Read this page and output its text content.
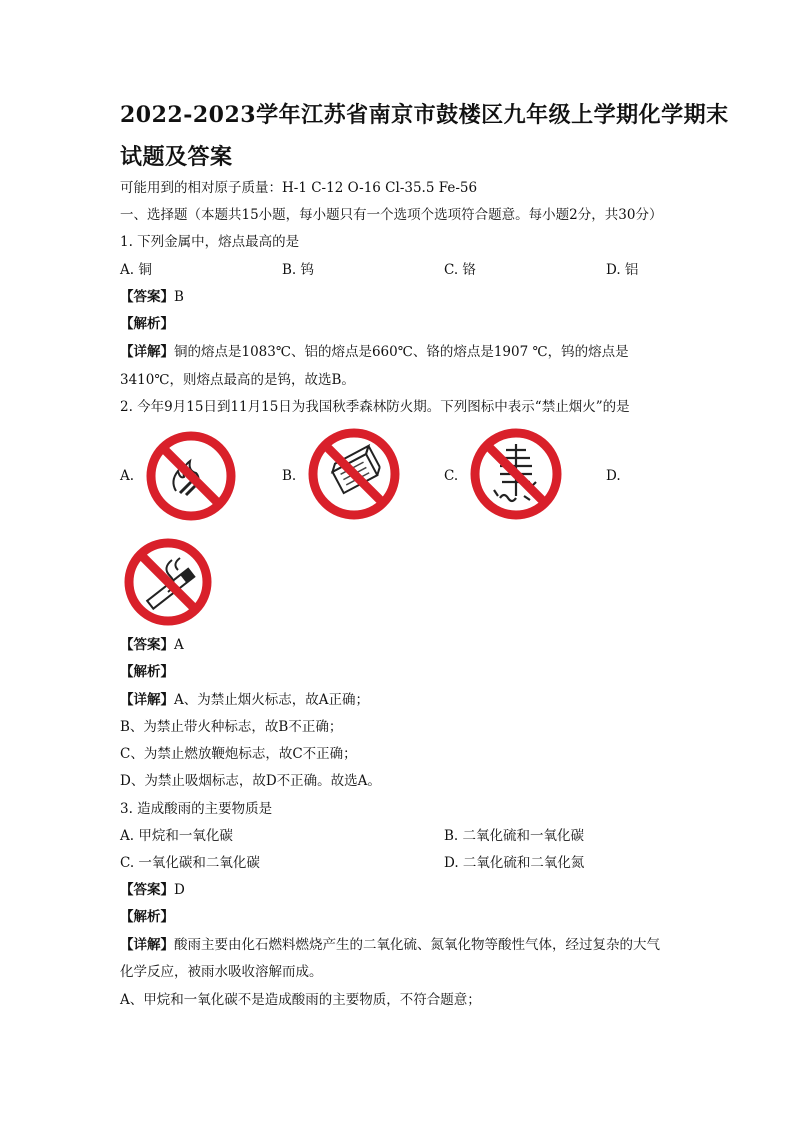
2022-2023学年江苏省南京市鼓楼区九年级上学期化学期末
试题及答案
可能用到的相对原子质量：H-1 C-12 O-16 Cl-35.5 Fe-56
一、选择题（本题共15小题，每小题只有一个选项个选项符合题意。每小题2分，共30分）
1. 下列金属中，熔点最高的是
A. 铜	B. 钨	C. 铬	D. 铝
【答案】B
【解析】
【详解】铜的熔点是1083℃、铝的熔点是660℃、铬的熔点是1907 ℃，钨的熔点是
3410℃，则熔点最高的是钨，故选B。
2. 今年9月15日到11月15日为我国秋季森林防火期。下列图标中表示“禁止烟火”的是
A.	B.	C.	D.
【答案】A
【解析】
【详解】A、为禁止烟火标志，故A正确；
B、为禁止带火种标志，故B不正确；
C、为禁止燃放鞭炮标志，故C不正确；
D、为禁止吸烟标志，故D不正确。故选A。
3. 造成酸雨的主要物质是
A. 甲烷和一氧化碳	B. 二氧化硫和一氧化碳
C. 一氧化碳和二氧化碳	D. 二氧化硫和二氧化氮
【答案】D
【解析】
【详解】酸雨主要由化石燃料燃烧产生的二氧化硫、氮氧化物等酸性气体，经过复杂的大气
化学反应，被雨水吸收溶解而成。
A、甲烷和一氧化碳不是造成酸雨的主要物质，不符合题意；
